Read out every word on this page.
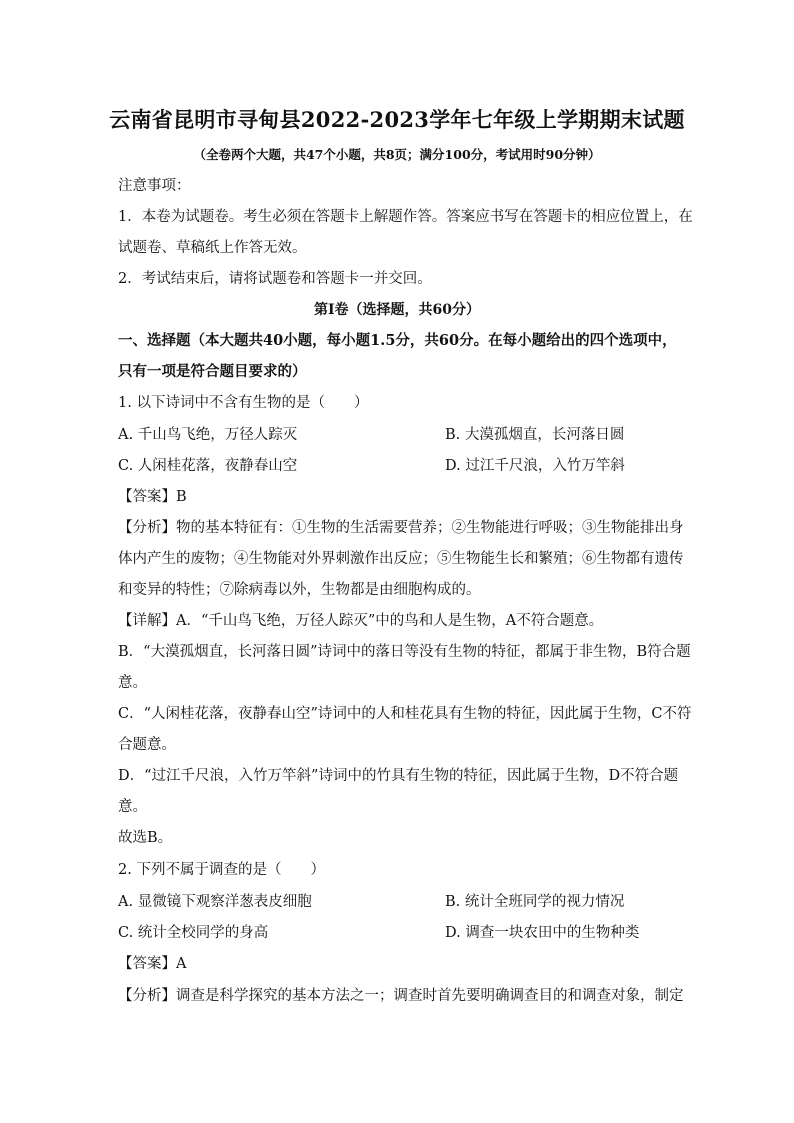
云南省昆明市寻甸县2022-2023学年七年级上学期期末试题
（全卷两个大题，共47个小题，共8页；满分100分，考试用时90分钟）
注意事项：
1．本卷为试题卷。考生必须在答题卡上解题作答。答案应书写在答题卡的相应位置上，在
试题卷、草稿纸上作答无效。
2．考试结束后，请将试题卷和答题卡一并交回。
第Ⅰ卷（选择题，共60分）
一、选择题（本大题共40小题，每小题1.5分，共60分。在每小题给出的四个选项中，
只有一项是符合题目要求的）
1. 以下诗词中不含有生物的是（　　）
A. 千山鸟飞绝，万径人踪灭	B. 大漠孤烟直，长河落日圆
C. 人闲桂花落，夜静春山空	D. 过江千尺浪，入竹万竿斜
【答案】B
【分析】物的基本特征有：①生物的生活需要营养；②生物能进行呼吸；③生物能排出身
体内产生的废物；④生物能对外界刺激作出反应；⑤生物能生长和繁殖；⑥生物都有遗传
和变异的特性；⑦除病毒以外，生物都是由细胞构成的。
【详解】A．“千山鸟飞绝，万径人踪灭”中的鸟和人是生物，A不符合题意。
B．“大漠孤烟直，长河落日圆”诗词中的落日等没有生物的特征，都属于非生物，B符合题
意。
C．“人闲桂花落，夜静春山空”诗词中的人和桂花具有生物的特征，因此属于生物，C不符
合题意。
D．“过江千尺浪，入竹万竿斜”诗词中的竹具有生物的特征，因此属于生物，D不符合题
意。
故选B。
2. 下列不属于调查的是（　　）
A. 显微镜下观察洋葱表皮细胞	B. 统计全班同学的视力情况
C. 统计全校同学的身高	D. 调查一块农田中的生物种类
【答案】A
【分析】调查是科学探究的基本方法之一；调查时首先要明确调查目的和调查对象，制定
